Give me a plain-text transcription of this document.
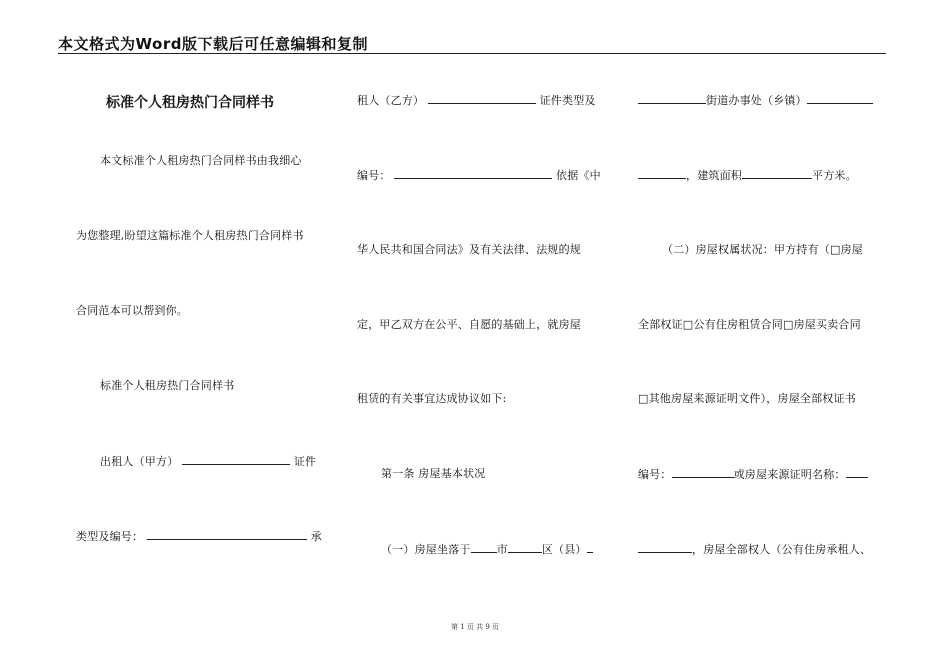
本文格式为Word版下载后可任意编辑和复制
标准个人租房热门合同样书
本文标准个人租房热门合同样书由我细心
为您整理,盼望这篇标准个人租房热门合同样书
合同范本可以帮到你。
标准个人租房热门合同样书
出租人（甲方）	证件
类型及编号：	承
租人（乙方）	证件类型及
编号：	依据《中
华人民共和国合同法》及有关法律、法规的规
定，甲乙双方在公平、自愿的基础上，就房屋
租赁的有关事宜达成协议如下:
第一条 房屋基本状况
（一）房屋坐落于 市	区（县）
街道办事处（乡镇）
，建筑面积	平方米。
（二）房屋权属状况：甲方持有（□房屋
全部权证□公有住房租赁合同□房屋买卖合同
□其他房屋来源证明文件），房屋全部权证书
编号：	或房屋来源证明名称：
，房屋全部权人（公有住房承租人、
第 1 页 共 9 页
